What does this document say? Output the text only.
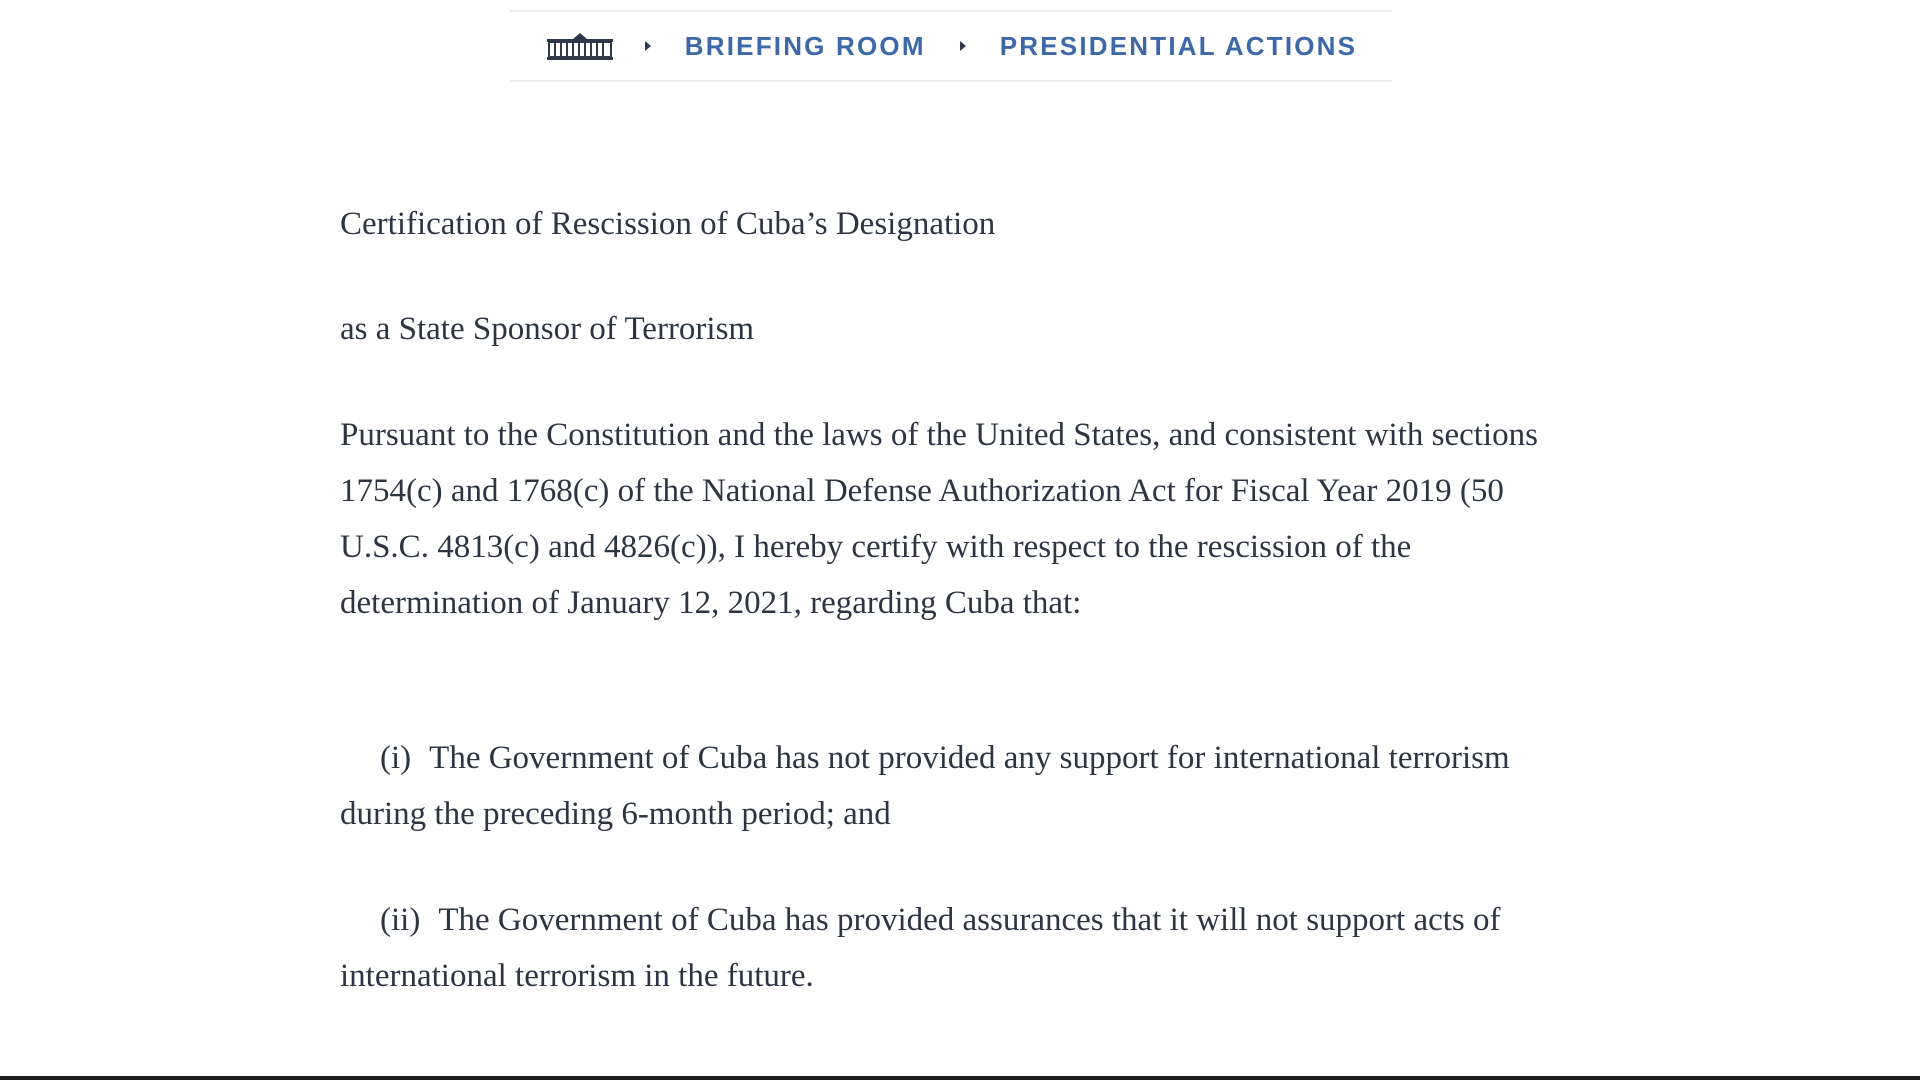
BRIEFING ROOM	PRESIDENTIAL ACTIONS

Certification of Rescission of Cuba’s Designation

as a State Sponsor of Terrorism

Pursuant to the Constitution and the laws of the United States, and consistent with sections 1754(c) and 1768(c) of the National Defense Authorization Act for Fiscal Year 2019 (50 U.S.C. 4813(c) and 4826(c)), I hereby certify with respect to the rescission of the determination of January 12, 2021, regarding Cuba that:

(i) The Government of Cuba has not provided any support for international terrorism during the preceding 6-month period; and

(ii) The Government of Cuba has provided assurances that it will not support acts of international terrorism in the future.
